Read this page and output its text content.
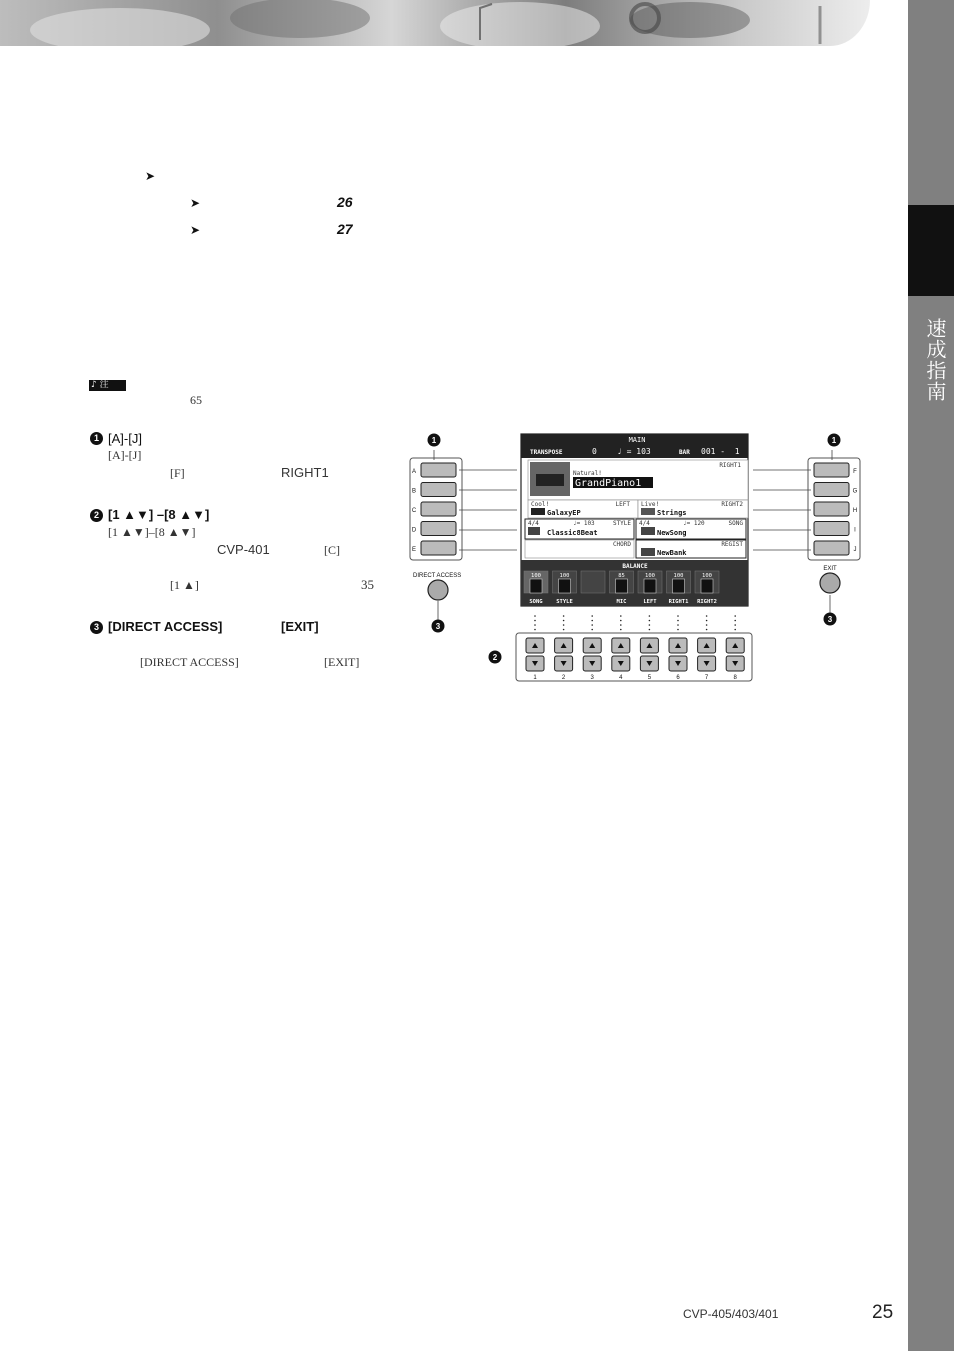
速成指南
➤
➤	26
➤	27
♪ 注
65
1 [A]-[J]
[A]-[J]
[F]	RIGHT1
2 [1 ▲▼] –[8 ▲▼]
[1 ▲▼]–[8 ▲▼]
CVP-401	[C]
[1 ▲]	35
3 [DIRECT ACCESS]	[EXIT]
[DIRECT ACCESS]	[EXIT]
A
B
C
D
E
F
G
H
I
J
MAIN
TRANSPOSE	0	♩ = 103	BAR 001 -  1
RIGHT1
Natural!
GrandPiano1
Cool!	LEFT
GalaxyEP
Live!	RIGHT2
Strings
4/4	♩= 103	STYLE
Classic8Beat
4/4	♩= 120	SONG
NewSong
CHORD	REGIST
NewBank
BALANCE
100
SONG
100
STYLE
85
MIC
100
LEFT
100
RIGHT1
100
RIGHT2
DIRECT ACCESS
EXIT
1	1
3
3
2
1	2	3	4	5	6	7	8
CVP-405/403/401	25
